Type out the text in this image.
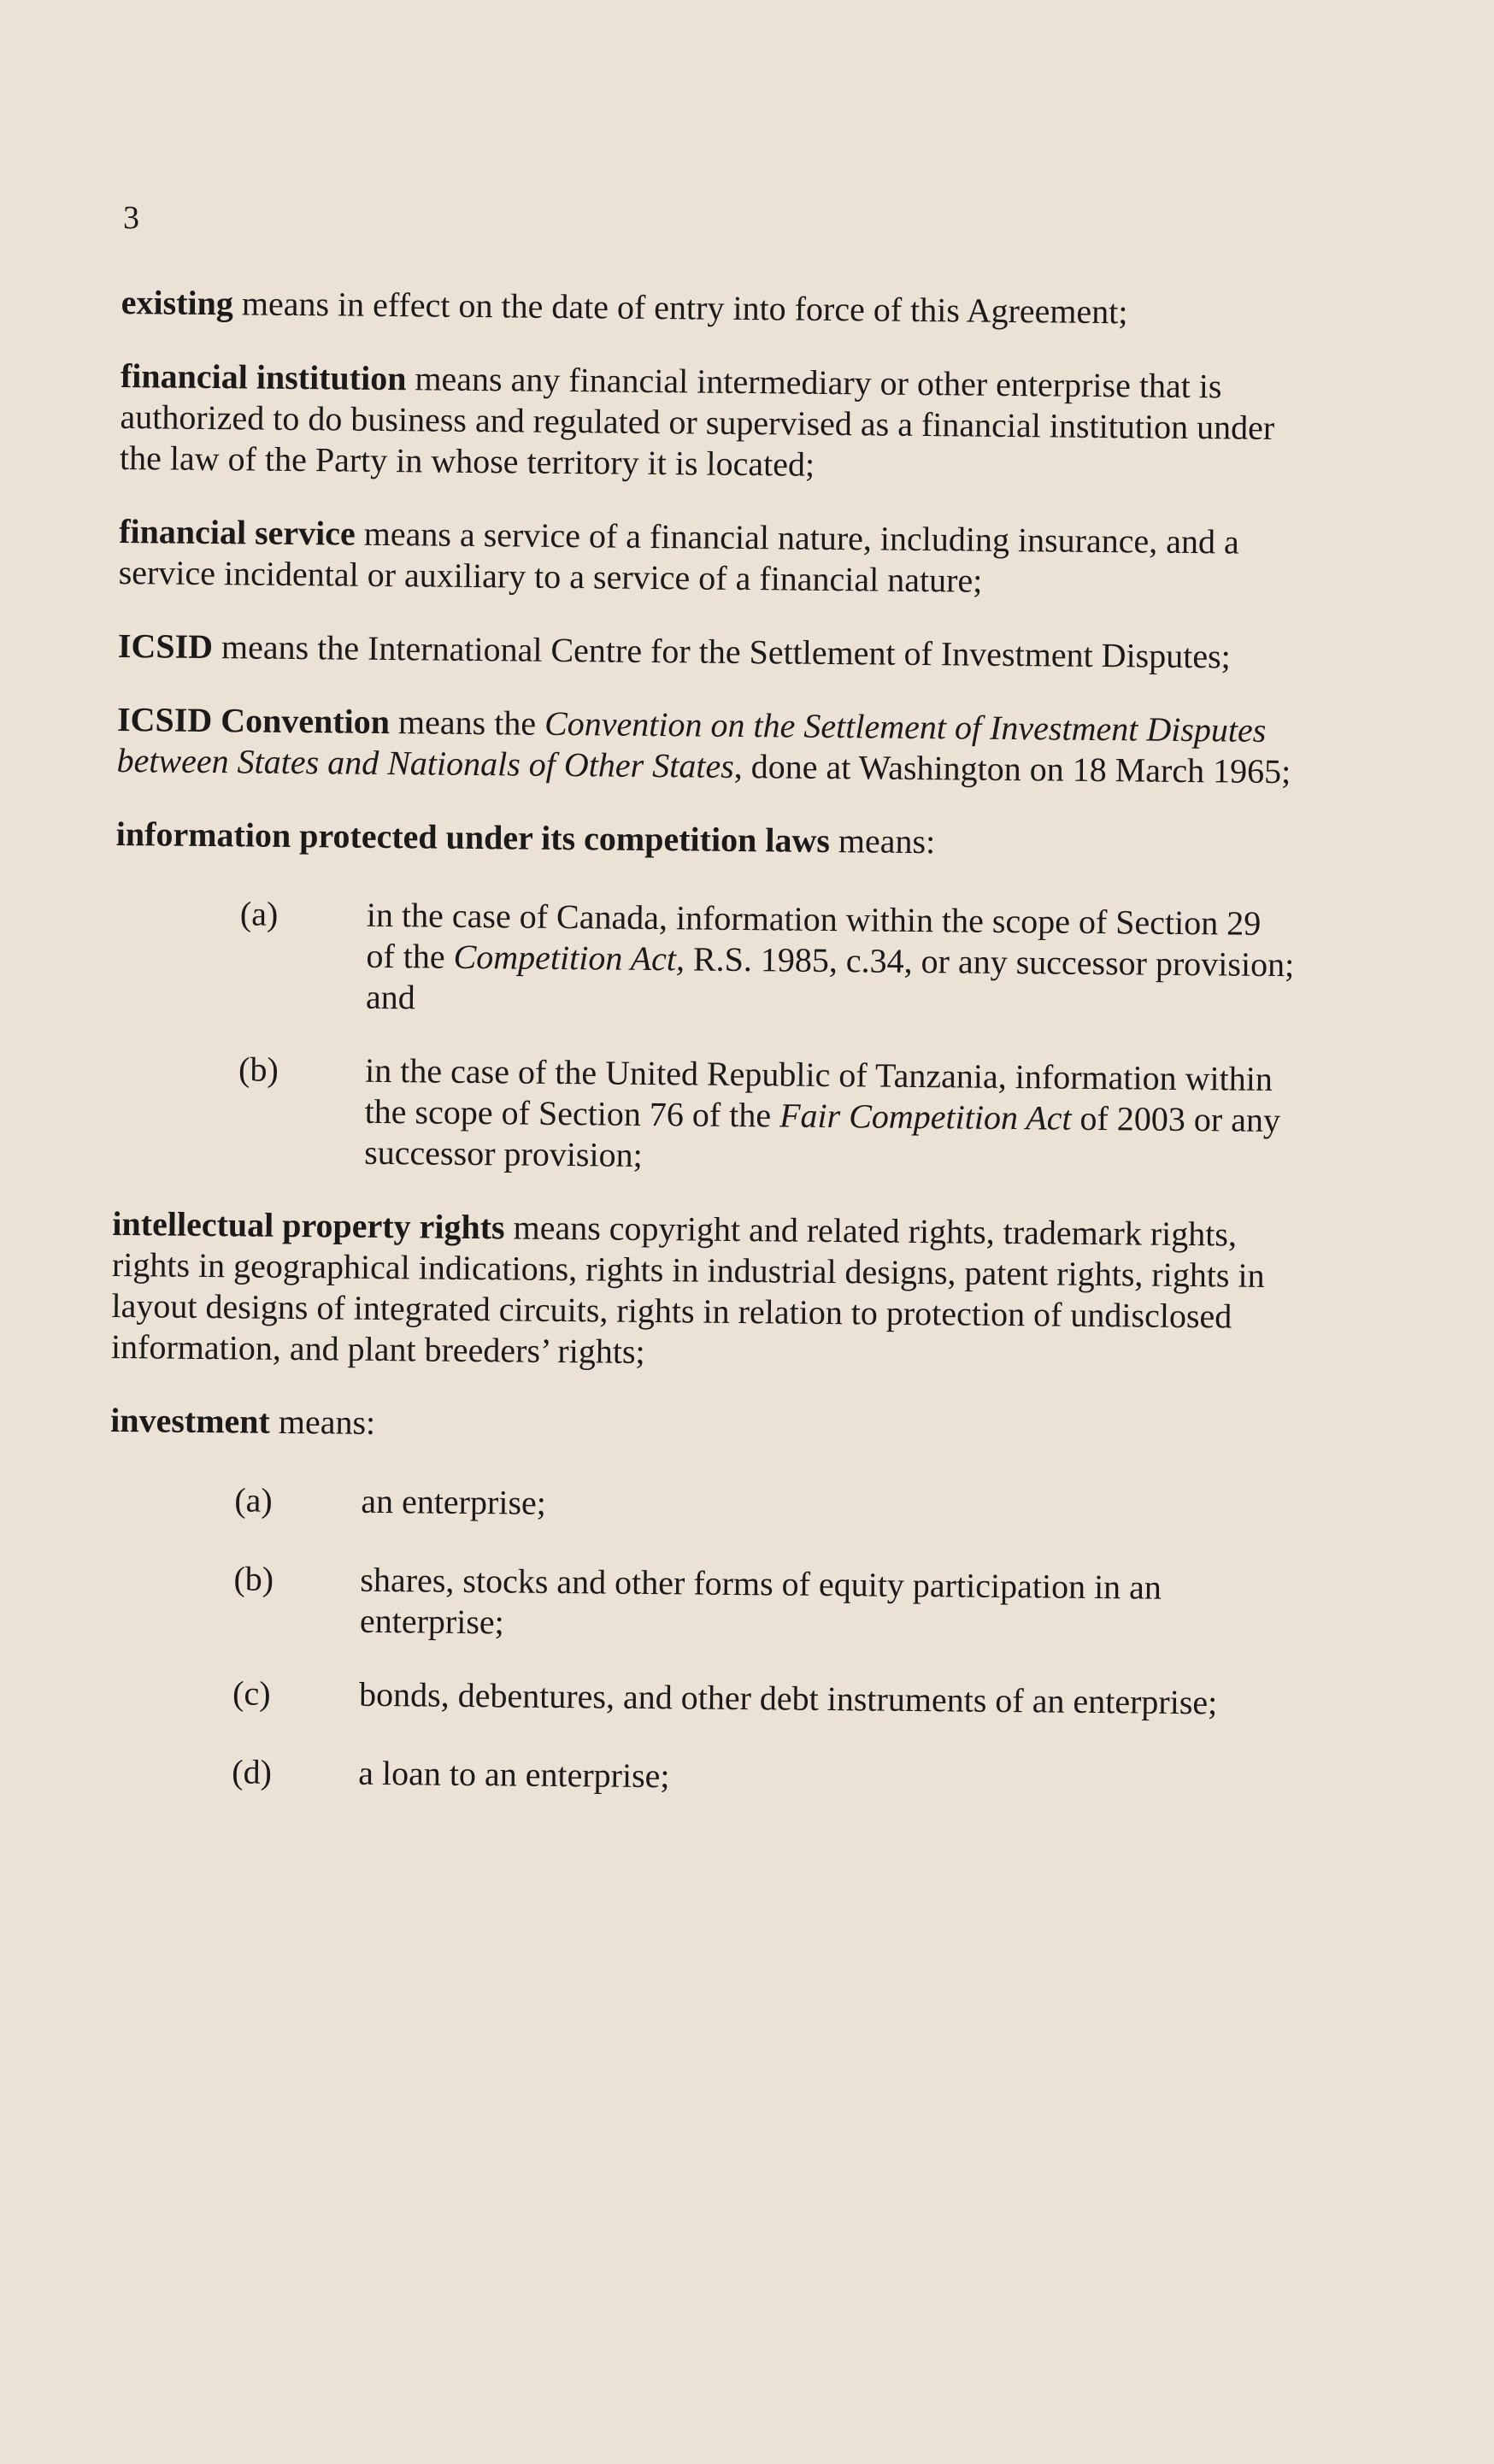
3

existing means in effect on the date of entry into force of this Agreement;

financial institution means any financial intermediary or other enterprise that is authorized to do business and regulated or supervised as a financial institution under the law of the Party in whose territory it is located;

financial service means a service of a financial nature, including insurance, and a service incidental or auxiliary to a service of a financial nature;

ICSID means the International Centre for the Settlement of Investment Disputes;

ICSID Convention means the Convention on the Settlement of Investment Disputes between States and Nationals of Other States, done at Washington on 18 March 1965;

information protected under its competition laws means:

(a)	in the case of Canada, information within the scope of Section 29 of the Competition Act, R.S. 1985, c.34, or any successor provision; and
(b)	in the case of the United Republic of Tanzania, information within the scope of Section 76 of the Fair Competition Act of 2003 or any successor provision;

intellectual property rights means copyright and related rights, trademark rights, rights in geographical indications, rights in industrial designs, patent rights, rights in layout designs of integrated circuits, rights in relation to protection of undisclosed information, and plant breeders’ rights;

investment means:

(a)	an enterprise;
(b)	shares, stocks and other forms of equity participation in an enterprise;
(c)	bonds, debentures, and other debt instruments of an enterprise;
(d)	a loan to an enterprise;
